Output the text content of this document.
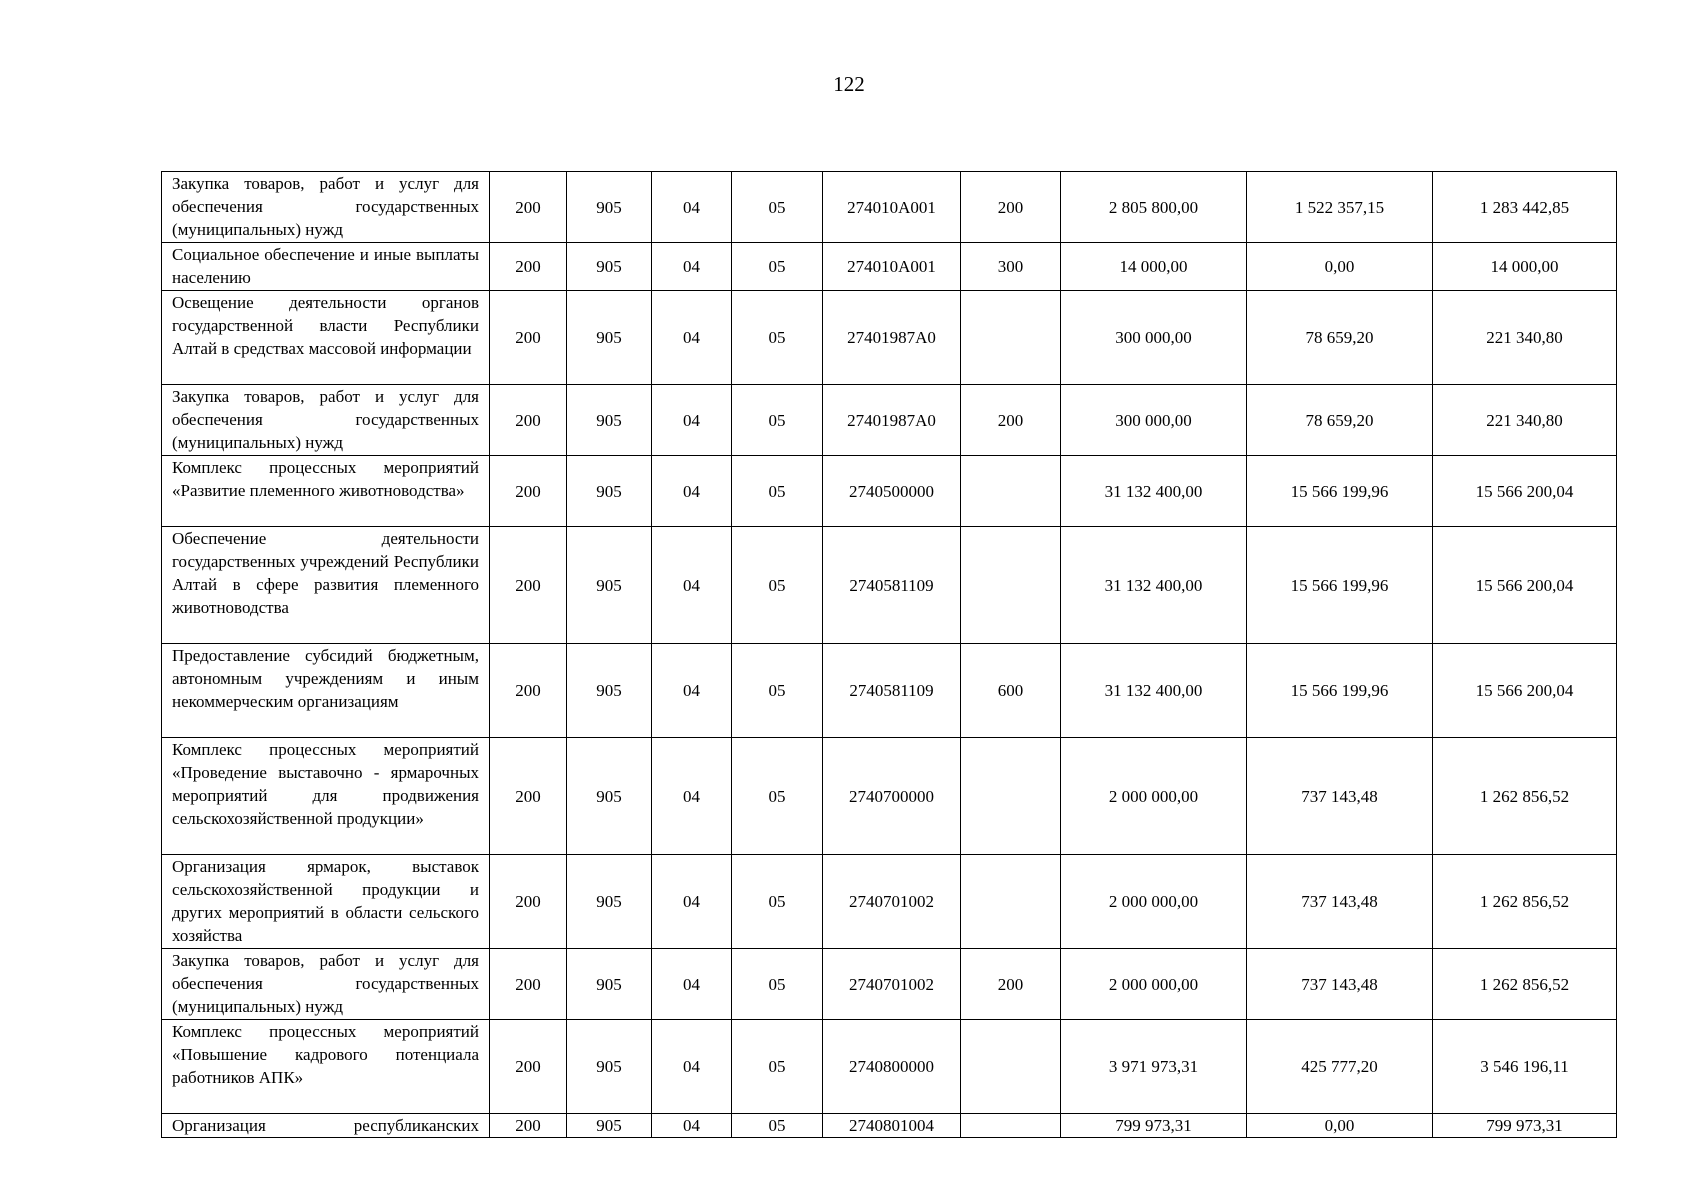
122
Закупка товаров, работ и услуг для обеспечения государственных (муниципальных) нужд	200	905	04	05	274010А001	200	2 805 800,00	1 522 357,15	1 283 442,85
Социальное обеспечение и иные выплаты населению	200	905	04	05	274010А001	300	14 000,00	0,00	14 000,00
Освещение деятельности органов государственной власти Республики Алтай в средствах массовой информации	200	905	04	05	27401987А0		300 000,00	78 659,20	221 340,80
Закупка товаров, работ и услуг для обеспечения государственных (муниципальных) нужд	200	905	04	05	27401987А0	200	300 000,00	78 659,20	221 340,80
Комплекс процессных мероприятий «Развитие племенного животноводства»	200	905	04	05	2740500000		31 132 400,00	15 566 199,96	15 566 200,04
Обеспечение деятельности государственных учреждений Республики Алтай в сфере развития племенного животноводства	200	905	04	05	2740581109		31 132 400,00	15 566 199,96	15 566 200,04
Предоставление субсидий бюджетным, автономным учреждениям и иным некоммерческим организациям	200	905	04	05	2740581109	600	31 132 400,00	15 566 199,96	15 566 200,04
Комплекс процессных мероприятий «Проведение выставочно - ярмарочных мероприятий для продвижения сельскохозяйственной продукции»	200	905	04	05	2740700000		2 000 000,00	737 143,48	1 262 856,52
Организация ярмарок, выставок сельскохозяйственной продукции и других мероприятий в области сельского хозяйства	200	905	04	05	2740701002		2 000 000,00	737 143,48	1 262 856,52
Закупка товаров, работ и услуг для обеспечения государственных (муниципальных) нужд	200	905	04	05	2740701002	200	2 000 000,00	737 143,48	1 262 856,52
Комплекс процессных мероприятий «Повышение кадрового потенциала работников АПК»	200	905	04	05	2740800000		3 971 973,31	425 777,20	3 546 196,11
Организация республиканских	200	905	04	05	2740801004		799 973,31	0,00	799 973,31
